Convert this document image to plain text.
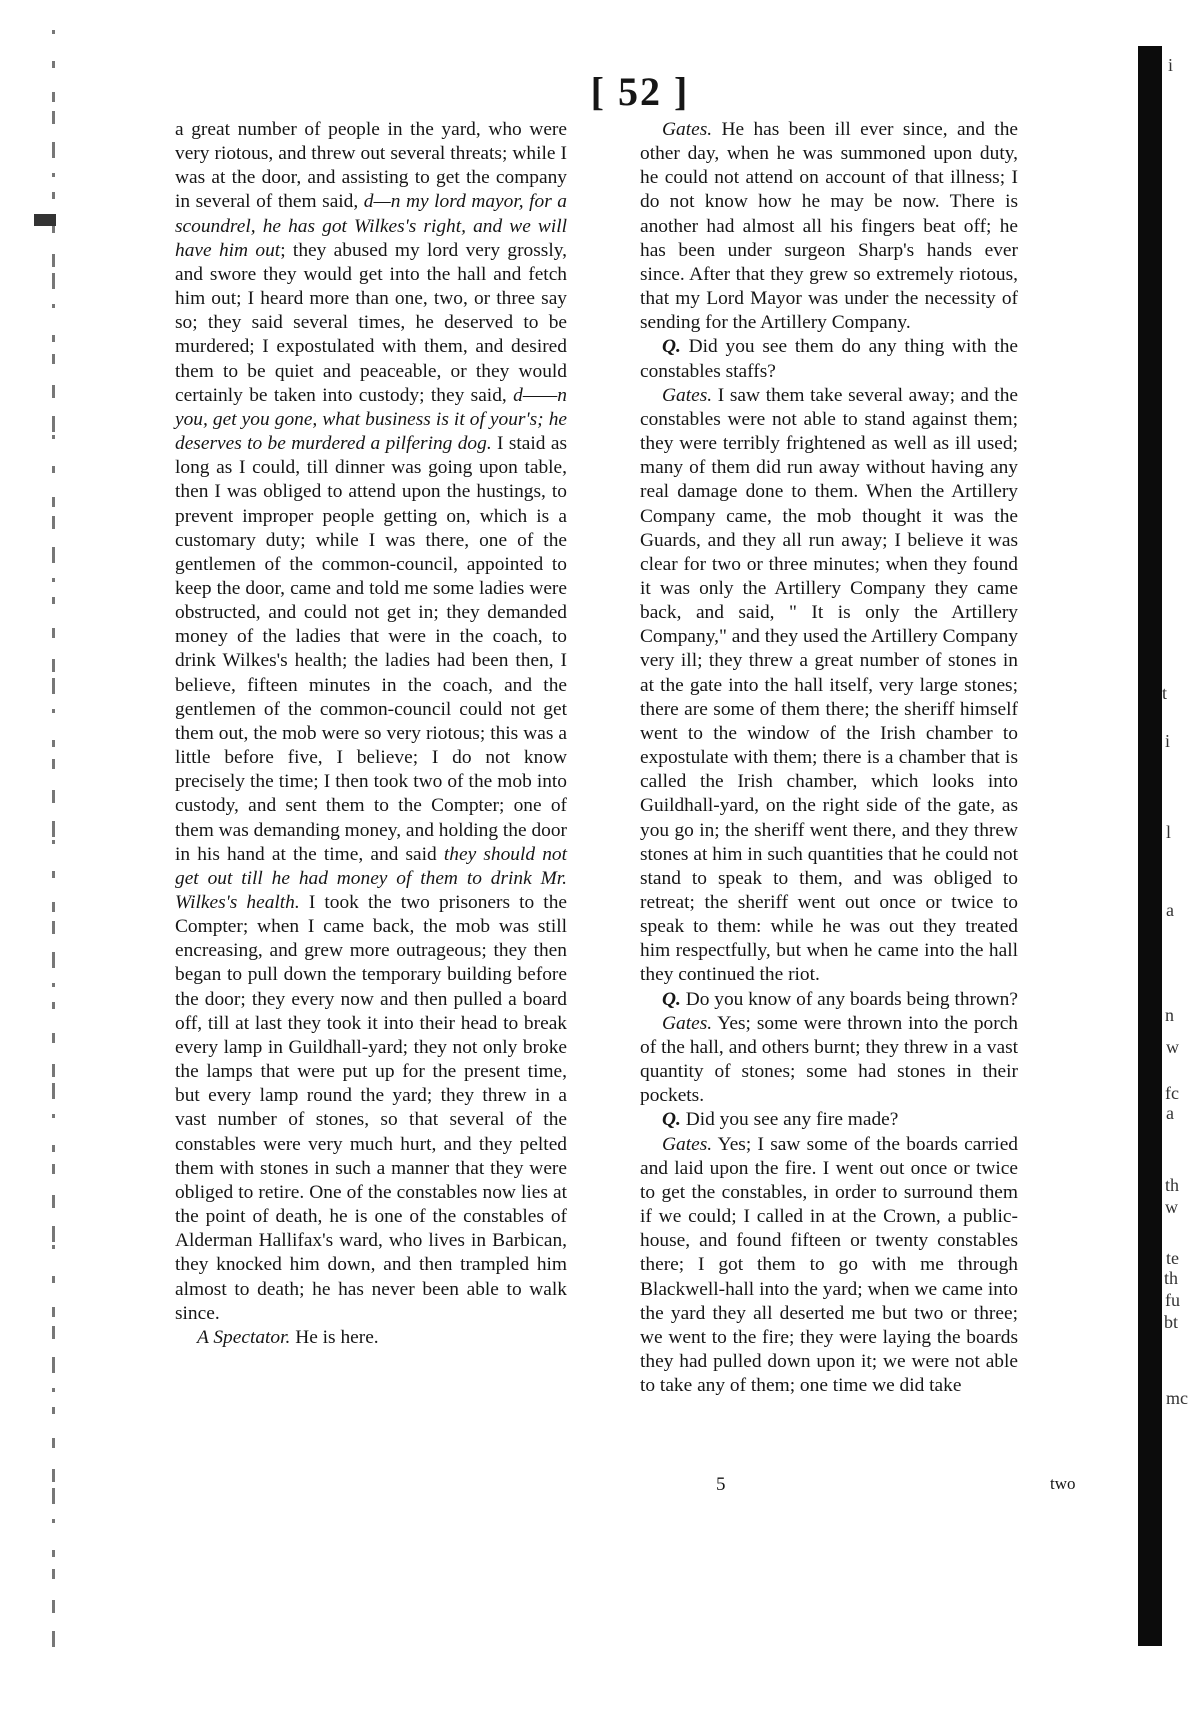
[ 52 ]

a great number of people in the yard, who were very riotous, and threw out several threats; while I was at the door, and assisting to get the company in several of them said, d—n my lord mayor, for a scoundrel, he has got Wilkes's right, and we will have him out; they abused my lord very grossly, and swore they would get into the hall and fetch him out; I heard more than one, two, or three say so; they said several times, he deserved to be murdered; I expostulated with them, and desired them to be quiet and peaceable, or they would certainly be taken into custody; they said, d——n you, get you gone, what business is it of your's; he deserves to be murdered a pilfering dog. I staid as long as I could, till dinner was going upon table, then I was obliged to attend upon the hustings, to prevent improper people getting on, which is a customary duty; while I was there, one of the gentlemen of the common-council, appointed to keep the door, came and told me some ladies were obstructed, and could not get in; they demanded money of the ladies that were in the coach, to drink Wilkes's health; the ladies had been then, I believe, fifteen minutes in the coach, and the gentlemen of the common-council could not get them out, the mob were so very riotous; this was a little before five, I believe; I do not know precisely the time; I then took two of the mob into custody, and sent them to the Compter; one of them was demanding money, and holding the door in his hand at the time, and said they should not get out till he had money of them to drink Mr. Wilkes's health. I took the two prisoners to the Compter; when I came back, the mob was still encreasing, and grew more outrageous; they then began to pull down the temporary building before the door; they every now and then pulled a board off, till at last they took it into their head to break every lamp in Guildhall-yard; they not only broke the lamps that were put up for the present time, but every lamp round the yard; they threw in a vast number of stones, so that several of the constables were very much hurt, and they pelted them with stones in such a manner that they were obliged to retire. One of the constables now lies at the point of death, he is one of the constables of Alderman Hallifax's ward, who lives in Barbican, they knocked him down, and then trampled him almost to death; he has never been able to walk since.

A Spectator. He is here.

Gates. He has been ill ever since, and the other day, when he was summoned upon duty, he could not attend on account of that illness; I do not know how he may be now. There is another had almost all his fingers beat off; he has been under surgeon Sharp's hands ever since. After that they grew so extremely riotous, that my Lord Mayor was under the necessity of sending for the Artillery Company.

Q. Did you see them do any thing with the constables staffs?

Gates. I saw them take several away; and the constables were not able to stand against them; they were terribly frightened as well as ill used; many of them did run away without having any real damage done to them. When the Artillery Company came, the mob thought it was the Guards, and they all run away; I believe it was clear for two or three minutes; when they found it was only the Artillery Company they came back, and said, " It is only the Artillery Company," and they used the Artillery Company very ill; they threw a great number of stones in at the gate into the hall itself, very large stones; there are some of them there; the sheriff himself went to the window of the Irish chamber to expostulate with them; there is a chamber that is called the Irish chamber, which looks into Guildhall-yard, on the right side of the gate, as you go in; the sheriff went there, and they threw stones at him in such quantities that he could not stand to speak to them, and was obliged to retreat; the sheriff went out once or twice to speak to them: while he was out they treated him respectfully, but when he came into the hall they continued the riot.

Q. Do you know of any boards being thrown?

Gates. Yes; some were thrown into the porch of the hall, and others burnt; they threw in a vast quantity of stones; some had stones in their pockets.

Q. Did you see any fire made?

Gates. Yes; I saw some of the boards carried and laid upon the fire. I went out once or twice to get the constables, in order to surround them if we could; I called in at the Crown, a public-house, and found fifteen or twenty constables there; I got them to go with me through Blackwell-hall into the yard; when we came into the yard they all deserted me but two or three; we went to the fire; they were laying the boards they had pulled down upon it; we were not able to take any of them; one time we did take

5	two
i
t
i
l
a
n
w
fc
a
th
w
te
th
fu
bt
mc
